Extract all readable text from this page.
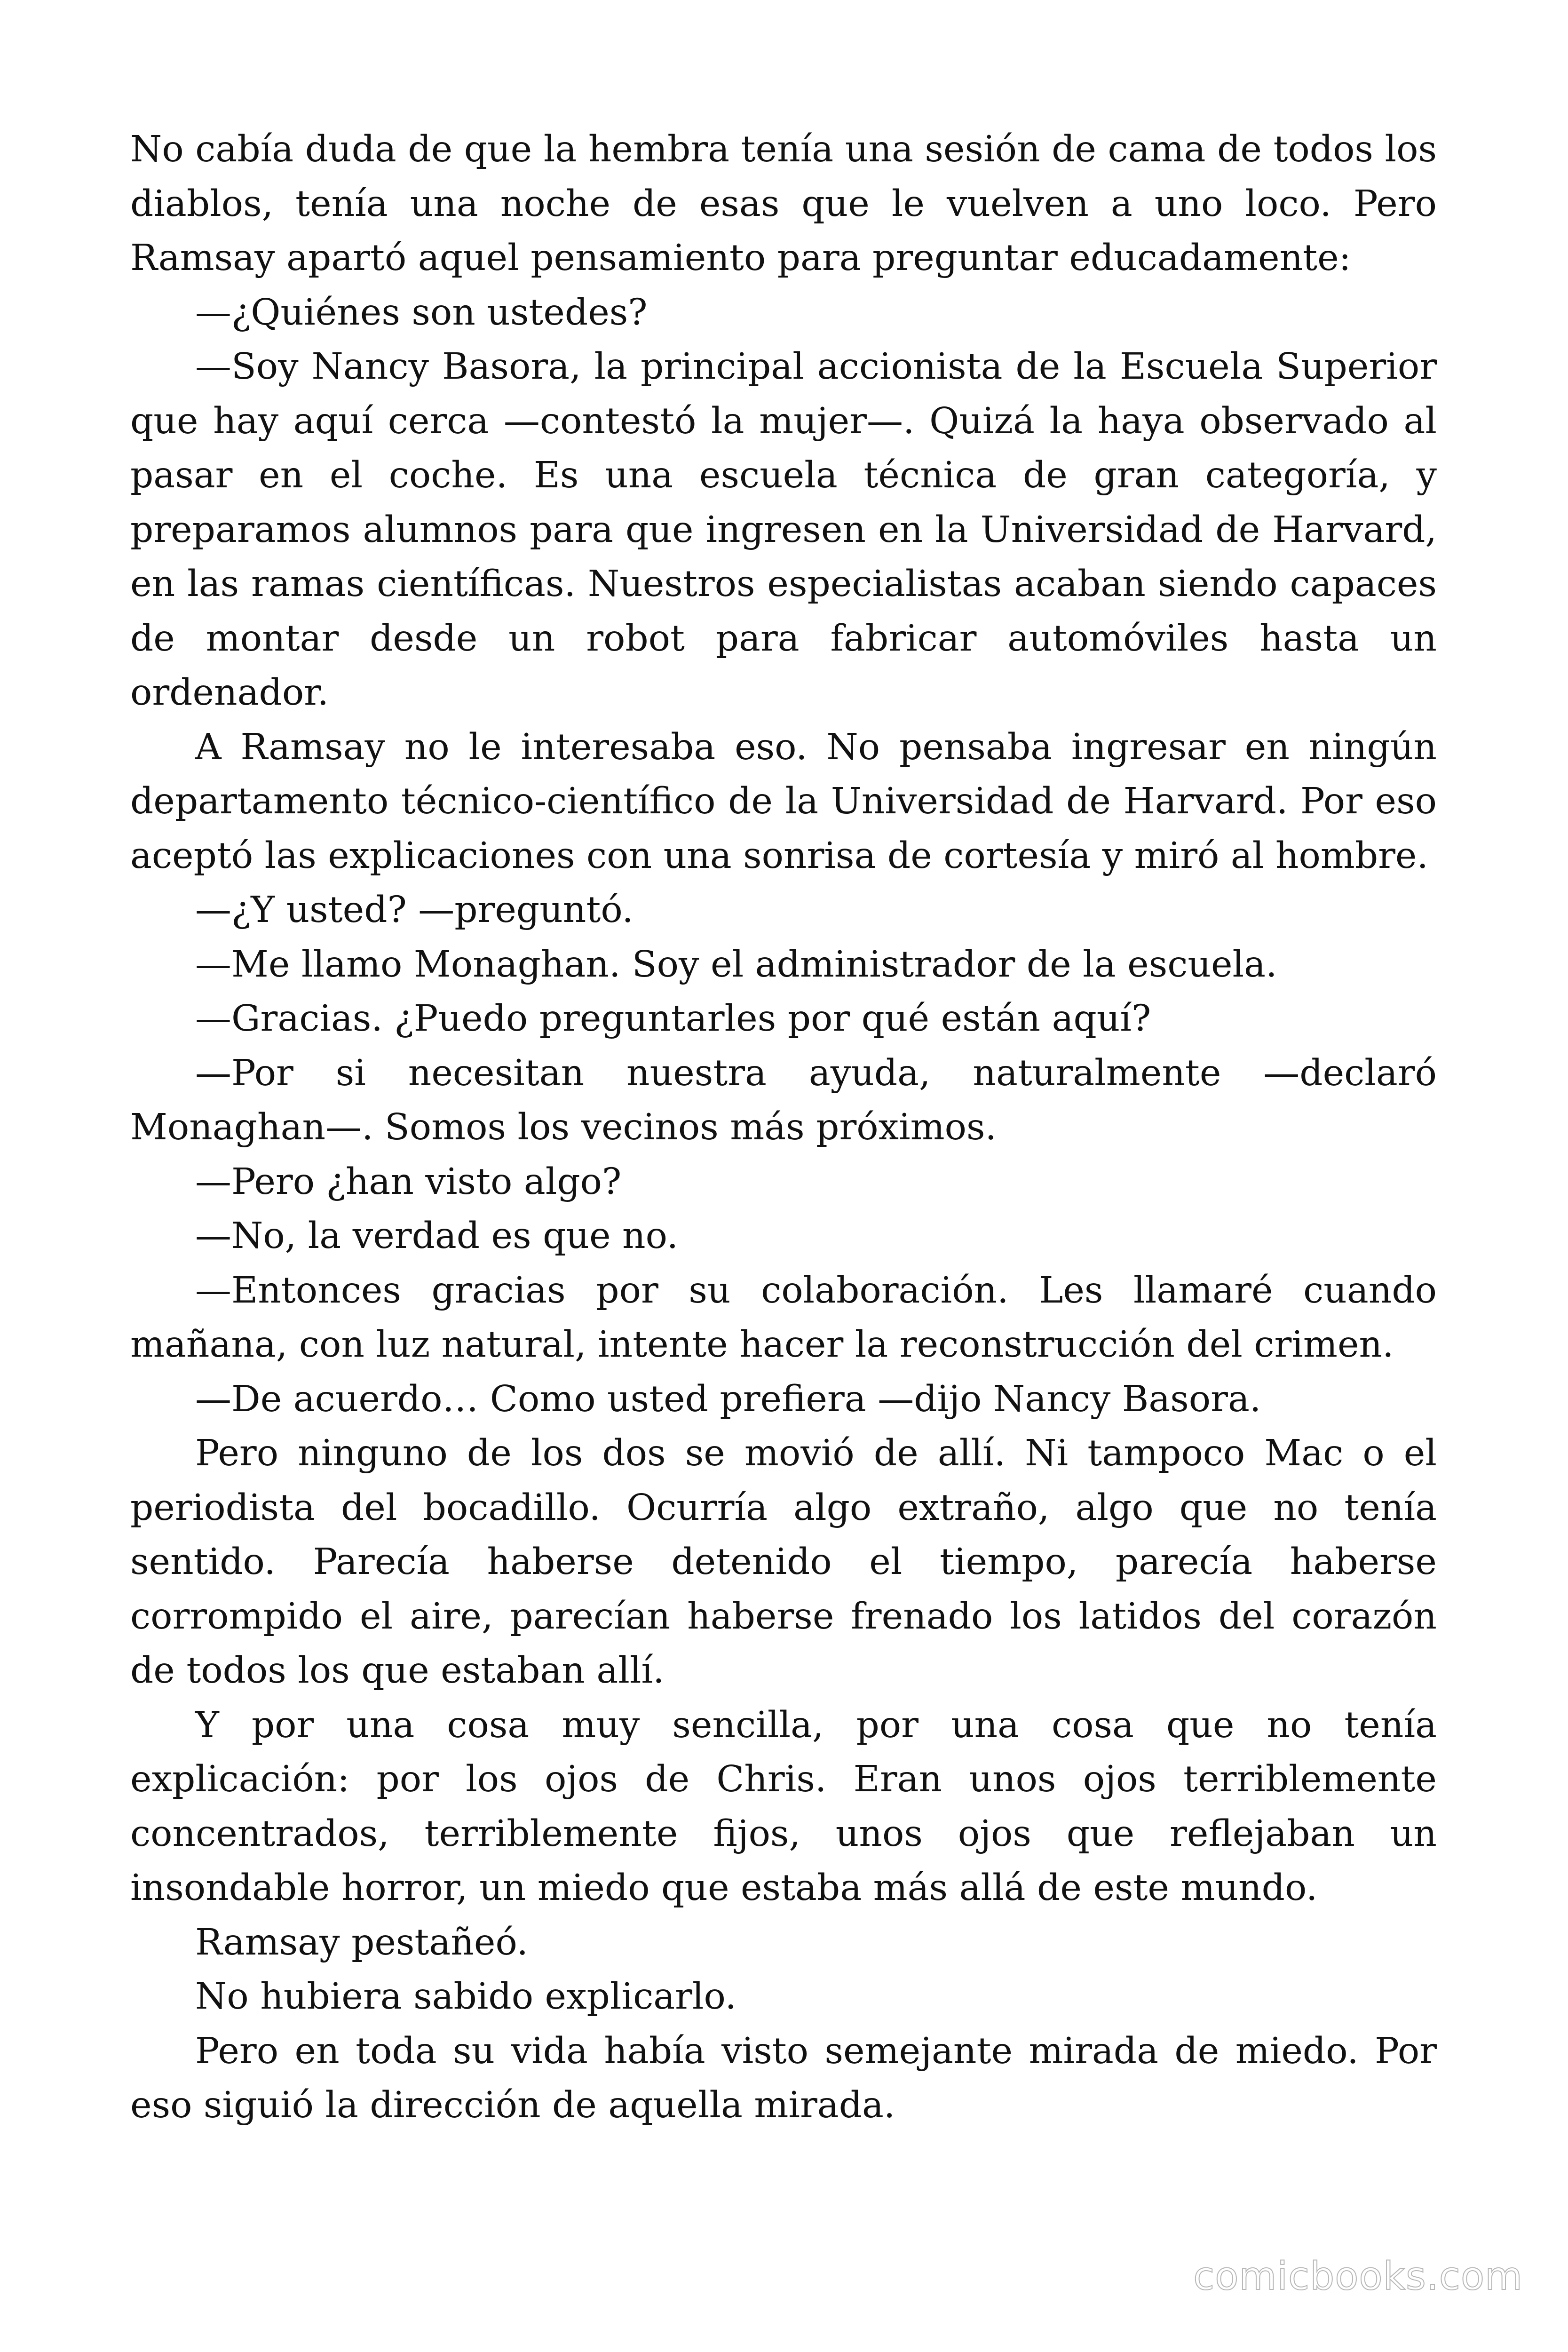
No cabía duda de que la hembra tenía una sesión de cama de todos los diablos, tenía una noche de esas que le vuelven a uno loco. Pero Ramsay apartó aquel pensamiento para preguntar educadamente:

—¿Quiénes son ustedes?

—Soy Nancy Basora, la principal accionista de la Escuela Superior que hay aquí cerca —contestó la mujer—. Quizá la haya observado al pasar en el coche. Es una escuela técnica de gran categoría, y preparamos alumnos para que ingresen en la Universidad de Harvard, en las ramas científicas. Nuestros especialistas acaban siendo capaces de montar desde un robot para fabricar automóviles hasta un ordenador.

A Ramsay no le interesaba eso. No pensaba ingresar en ningún departamento técnico-científico de la Universidad de Harvard. Por eso aceptó las explicaciones con una sonrisa de cortesía y miró al hombre.

—¿Y usted? —preguntó.

—Me llamo Monaghan. Soy el administrador de la escuela.

—Gracias. ¿Puedo preguntarles por qué están aquí?

—Por si necesitan nuestra ayuda, naturalmente —declaró Monaghan—. Somos los vecinos más próximos.

—Pero ¿han visto algo?

—No, la verdad es que no.

—Entonces gracias por su colaboración. Les llamaré cuando mañana, con luz natural, intente hacer la reconstrucción del crimen.

—De acuerdo… Como usted prefiera —dijo Nancy Basora.

Pero ninguno de los dos se movió de allí. Ni tampoco Mac o el periodista del bocadillo. Ocurría algo extraño, algo que no tenía sentido. Parecía haberse detenido el tiempo, parecía haberse corrompido el aire, parecían haberse frenado los latidos del corazón de todos los que estaban allí.

Y por una cosa muy sencilla, por una cosa que no tenía explicación: por los ojos de Chris. Eran unos ojos terriblemente concentrados, terriblemente fijos, unos ojos que reflejaban un insondable horror, un miedo que estaba más allá de este mundo.

Ramsay pestañeó.

No hubiera sabido explicarlo.

Pero en toda su vida había visto semejante mirada de miedo. Por eso siguió la dirección de aquella mirada.

comicbooks.com
